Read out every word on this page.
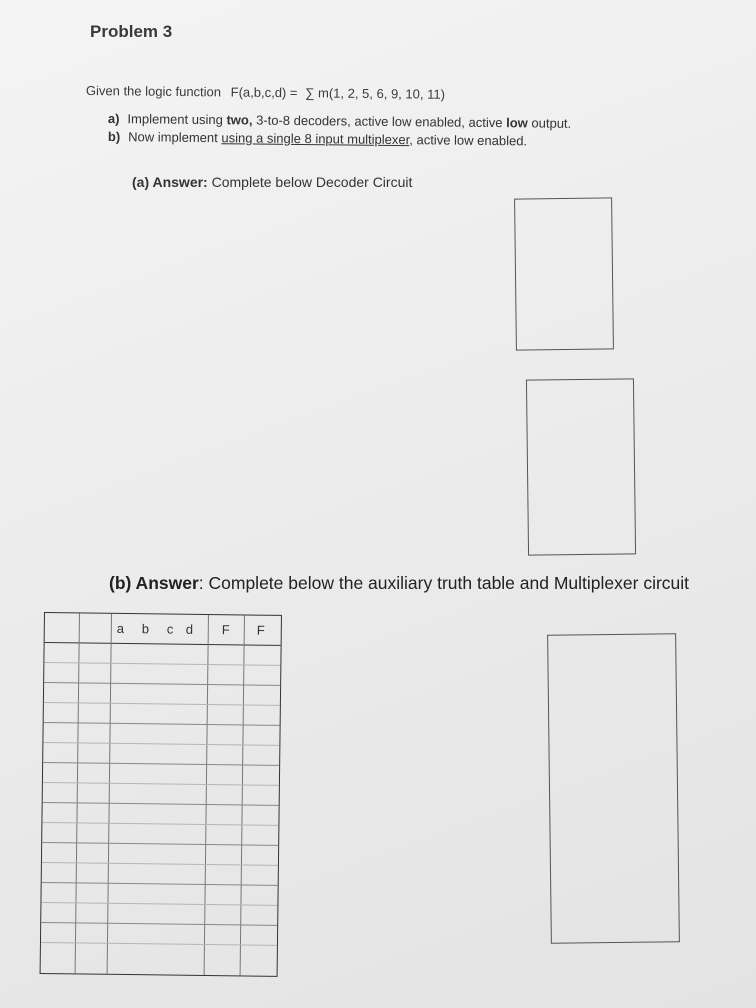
Problem 3
Given the logic function F(a,b,c,d) = ∑ m(1, 2, 5, 6, 9, 10, 11)
a) Implement using two, 3-to-8 decoders, active low enabled, active low output.
b) Now implement using a single 8 input multiplexer, active low enabled.
(a) Answer: Complete below Decoder Circuit
(b) Answer: Complete below the auxiliary truth table and Multiplexer circuit
a b c d F F
